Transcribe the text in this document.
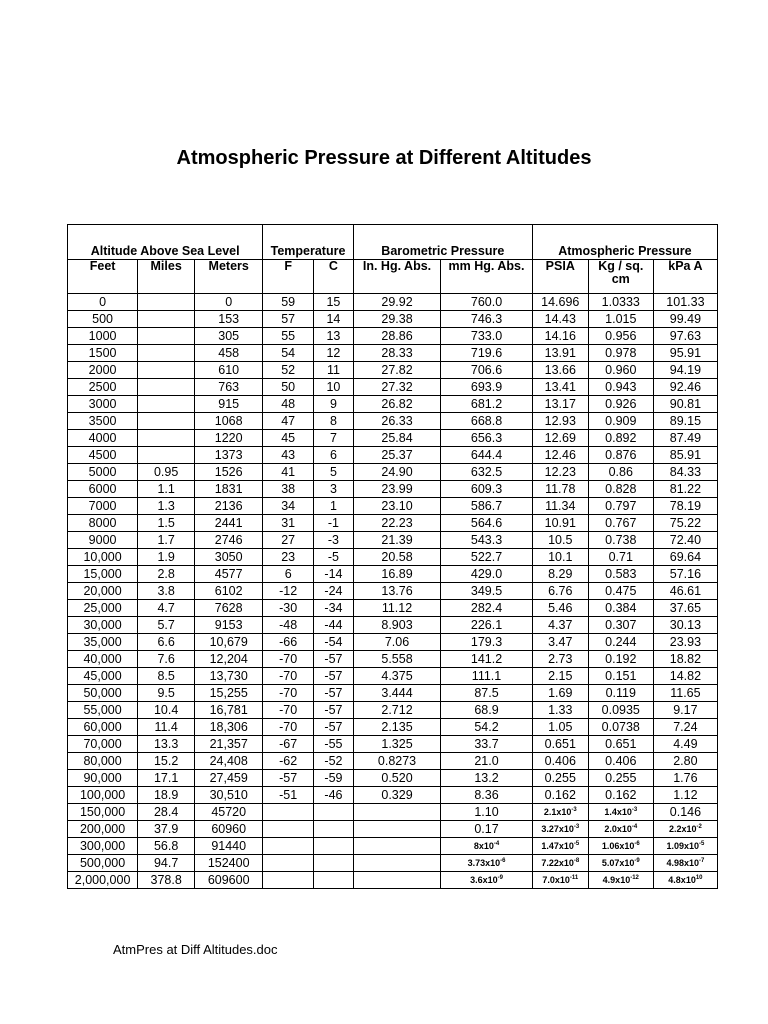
Atmospheric Pressure at Different Altitudes
Altitude Above Sea Level			Temperature		Barometric Pressure		Atmospheric Pressure		
Feet	Miles	Meters	F	C	In. Hg. Abs.	mm Hg. Abs.	PSIA	Kg / sq. cm	kPa A
0		0	59	15	29.92	760.0	14.696	1.0333	101.33
500		153	57	14	29.38	746.3	14.43	1.015	99.49
1000		305	55	13	28.86	733.0	14.16	0.956	97.63
1500		458	54	12	28.33	719.6	13.91	0.978	95.91
2000		610	52	11	27.82	706.6	13.66	0.960	94.19
2500		763	50	10	27.32	693.9	13.41	0.943	92.46
3000		915	48	9	26.82	681.2	13.17	0.926	90.81
3500		1068	47	8	26.33	668.8	12.93	0.909	89.15
4000		1220	45	7	25.84	656.3	12.69	0.892	87.49
4500		1373	43	6	25.37	644.4	12.46	0.876	85.91
5000	0.95	1526	41	5	24.90	632.5	12.23	0.86	84.33
6000	1.1	1831	38	3	23.99	609.3	11.78	0.828	81.22
7000	1.3	2136	34	1	23.10	586.7	11.34	0.797	78.19
8000	1.5	2441	31	-1	22.23	564.6	10.91	0.767	75.22
9000	1.7	2746	27	-3	21.39	543.3	10.5	0.738	72.40
10,000	1.9	3050	23	-5	20.58	522.7	10.1	0.71	69.64
15,000	2.8	4577	6	-14	16.89	429.0	8.29	0.583	57.16
20,000	3.8	6102	-12	-24	13.76	349.5	6.76	0.475	46.61
25,000	4.7	7628	-30	-34	11.12	282.4	5.46	0.384	37.65
30,000	5.7	9153	-48	-44	8.903	226.1	4.37	0.307	30.13
35,000	6.6	10,679	-66	-54	7.06	179.3	3.47	0.244	23.93
40,000	7.6	12,204	-70	-57	5.558	141.2	2.73	0.192	18.82
45,000	8.5	13,730	-70	-57	4.375	111.1	2.15	0.151	14.82
50,000	9.5	15,255	-70	-57	3.444	87.5	1.69	0.119	11.65
55,000	10.4	16,781	-70	-57	2.712	68.9	1.33	0.0935	9.17
60,000	11.4	18,306	-70	-57	2.135	54.2	1.05	0.0738	7.24
70,000	13.3	21,357	-67	-55	1.325	33.7	0.651	0.651	4.49
80,000	15.2	24,408	-62	-52	0.8273	21.0	0.406	0.406	2.80
90,000	17.1	27,459	-57	-59	0.520	13.2	0.255	0.255	1.76
100,000	18.9	30,510	-51	-46	0.329	8.36	0.162	0.162	1.12
150,000	28.4	45720				1.10	$2.1x10^{-3}$	$1.4x10^{-3}$	0.146
200,000	37.9	60960				0.17	$3.27x10^{-3}$	$2.0x10^{-4}$	$2.2x10^{-2}$
300,000	56.8	91440				$8x10^{-4}$	$1.47x10^{-5}$	$1.06x10^{-6}$	$1.09x10^{-5}$
500,000	94.7	152400				$3.73x10^{-6}$	$7.22x10^{-8}$	$5.07x10^{-9}$	$4.98x10^{-7}$
2,000,000	378.8	609600				$3.6x10^{-9}$	$7.0x10^{-11}$	$4.9x10^{-12}$	$4.8x10^{10}$
AtmPres at Diff Altitudes.doc
